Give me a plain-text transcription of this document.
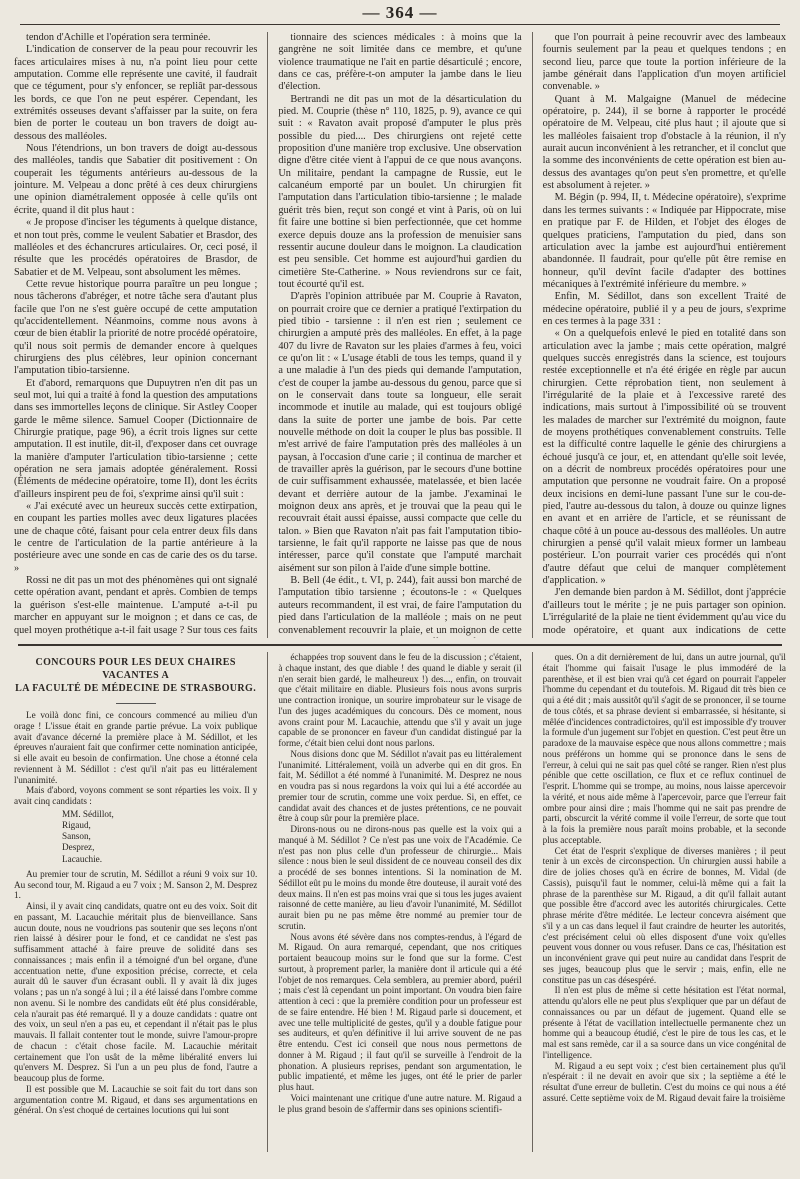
— 364 —

tendon d'Achille et l'opération sera terminée.

L'indication de conserver de la peau pour recouvrir les faces articulaires mises à nu, n'a point lieu pour cette amputation. Comme elle représente une cavité, il faudrait que ce tégument, pour s'y enfoncer, se repliât par-dessous les bords, ce que l'on ne peut espérer. Cependant, les extrémités osseuses devant s'affaisser par la suite, on fera bien de porter le couteau un bon travers de doigt au-dessous des malléoles.

Nous l'étendrions, un bon travers de doigt au-dessous des malléoles, tandis que Sabatier dit positivement : On couperait les téguments antérieurs au-dessous de la jointure. M. Velpeau a donc prêté à ces deux chirurgiens une opinion diamétralement opposée à celle qu'ils ont écrite, quand il dit plus haut :

« Je propose d'inciser les téguments à quelque distance, et non tout près, comme le veulent Sabatier et Brasdor, des malléoles et des échancrures articulaires. Or, ceci posé, il résulte que les procédés opératoires de Brasdor, de Sabatier et de M. Velpeau, sont absolument les mêmes.

Cette revue historique pourra paraître un peu longue ; nous tâcherons d'abréger, et notre tâche sera d'autant plus facile que l'on ne s'est guère occupé de cette amputation qu'accidentellement. Néanmoins, comme nous avons à cœur de bien établir la priorité de notre procédé opératoire, qu'il nous soit permis de demander encore à quelques chirurgiens des plus célèbres, leur opinion concernant l'amputation tibio-tarsienne.

Et d'abord, remarquons que Dupuytren n'en dit pas un seul mot, lui qui a traité à fond la question des amputations dans ses immortelles leçons de clinique. Sir Astley Cooper garde le même silence. Samuel Cooper (Dictionnaire de Chirurgie pratique, page 96), a écrit trois lignes sur cette amputation. Il est inutile, dit-il, d'exposer dans cet ouvrage la manière d'amputer l'articulation tibio-tarsienne ; cette opération ne sera jamais adoptée généralement. Rossi (Éléments de médecine opératoire, tome II), dont les écrits d'ailleurs inspirent peu de foi, s'exprime ainsi qu'il suit :

« J'ai exécuté avec un heureux succès cette extirpation, en coupant les parties molles avec deux ligatures placées une de chaque côté, faisant pour cela entrer deux fils dans le centre de l'articulation de la partie antérieure à la postérieure avec une sonde en cas de carie des os du tarse. »

Rossi ne dit pas un mot des phénomènes qui ont signalé cette opération avant, pendant et après. Combien de temps la guérison s'est-elle maintenue. L'amputé a-t-il pu marcher en appuyant sur le moignon ; et dans ce cas, de quel moyen prothétique a-t-il fait usage ? Sur tous ces faits

tionnaire des sciences médicales : à moins que la gangrène ne soit limitée dans ce membre, et qu'une violence traumatique ne l'ait en partie désarticulé ; encore, dans ce cas, préfère-t-on amputer la jambe dans le lieu d'élection.

Bertrandi ne dit pas un mot de la désarticulation du pied. M. Couprie (thèse n° 110, 1825, p. 9), avance ce qui suit : « Ravaton avait proposé d'amputer le plus près possible du pied.... Des chirurgiens ont rejeté cette proposition d'une manière trop exclusive. Une observation digne d'être citée vient à l'appui de ce que nous avançons. Un militaire, pendant la campagne de Russie, eut le calcanéum emporté par un boulet. Un chirurgien fit l'amputation dans l'articulation tibio-tarsienne ; le malade guérit très bien, reçut son congé et vint à Paris, où on lui fit faire une bottine si bien perfectionnée, que cet homme exerce depuis douze ans la profession de menuisier sans ressentir aucune douleur dans le moignon. La claudication est peu sensible. Cet homme est aujourd'hui gardien du cimetière Ste-Catherine. » Nous reviendrons sur ce fait, tout écourté qu'il est.

D'après l'opinion attribuée par M. Couprie à Ravaton, on pourrait croire que ce dernier a pratiqué l'extirpation du pied tibio - tarsienne : il n'en est rien ; seulement ce chirurgien a amputé près des malléoles. En effet, à la page 407 du livre de Ravaton sur les plaies d'armes à feu, voici ce qu'on lit : « L'usage établi de tous les temps, quand il y a une maladie à l'un des pieds qui demande l'amputation, c'est de couper la jambe au-dessous du genou, parce que si on le conservait dans toute sa longueur, elle serait incommode et inutile au malade, qui est toujours obligé dans la suite de porter une jambe de bois. Par cette nouvelle méthode on doit la couper le plus bas possible. Il m'est arrivé de faire l'amputation près des malléoles à un paysan, à l'occasion d'une carie ; il continua de marcher et de travailler après la guérison, par le secours d'une bottine de cuir suffisamment exhaussée, matelassée, et bien lacée devant et derrière autour de la jambe. J'examinai le moignon deux ans après, et je trouvai que la peau qui le recouvrait était aussi épaisse, aussi compacte que celle du talon. » Bien que Ravaton n'ait pas fait l'amputation tibio-tarsienne, le fait qu'il rapporte ne laisse pas que de nous intéresser, parce qu'il constate que l'amputé marchait aisément sur son pilon à l'aide d'une simple bottine.

B. Bell (4e édit., t. VI, p. 244), fait aussi bon marché de l'amputation tibio tarsienne ; écoutons-le : « Quelques auteurs recommandent, il est vrai, de faire l'amputation du pied dans l'articulation de la malléole ; mais on ne peut convenablement recouvrir la plaie, et un moignon de cette

que l'on pourrait à peine recouvrir avec des lambeaux fournis seulement par la peau et quelques tendons ; en second lieu, parce que toute la portion inférieure de la jambe générait dans l'application d'un moyen artificiel convenable. »

Quant à M. Malgaigne (Manuel de médecine opératoire, p. 244), il se borne à rapporter le procédé opératoire de M. Velpeau, cité plus haut ; il ajoute que si les malléoles faisaient trop d'obstacle à la réunion, il n'y aurait aucun inconvénient à les retrancher, et il conclut que la somme des inconvénients de cette opération est bien au-dessus des avantages qu'on peut s'en promettre, et qu'elle est absolument à rejeter. »

M. Bégin (p. 994, II, t. Médecine opératoire), s'exprime dans les termes suivants : « Indiquée par Hippocrate, mise en pratique par F. de Hilden, et l'objet des éloges de quelques praticiens, l'amputation du pied, dans son articulation avec la jambe est aujourd'hui entièrement abandonnée. Il faudrait, pour qu'elle pût être remise en honneur, qu'il devînt facile d'adapter des bottines mécaniques à l'extrémité inférieure du membre. »

Enfin, M. Sédillot, dans son excellent Traité de médecine opératoire, publié il y a peu de jours, s'exprime en ces termes à la page 331 :

« On a quelquefois enlevé le pied en totalité dans son articulation avec la jambe ; mais cette opération, malgré quelques succès enregistrés dans la science, est toujours restée exceptionnelle et n'a été érigée en règle par aucun chirurgien. Cette réprobation tient, non seulement à l'irrégularité de la plaie et à l'excessive rareté des indications, mais surtout à l'impossibilité où se trouvent les malades de marcher sur l'extrémité du moignon, faute de moyens prothétiques convenablement construits. Telle est la difficulté contre laquelle le génie des chirurgiens a échoué jusqu'à ce jour, et, en attendant qu'elle soit levée, on a décrit de nombreux procédés opératoires pour une amputation que personne ne voudrait faire. On a proposé deux incisions en demi-lune passant l'une sur le cou-de-pied, l'autre au-dessous du talon, à douze ou quinze lignes en avant et en arrière de l'article, et se réunissant de chaque côté à un pouce au-dessous des malléoles. Un autre chirurgien a pensé qu'il valait mieux former un lambeau postérieur. L'on pourrait varier ces procédés qui n'ont d'autre défaut que celui de manquer complètement d'application. »

J'en demande bien pardon à M. Sédillot, dont j'apprécie d'ailleurs tout le mérite ; je ne puis partager son opinion. L'irrégularité de la plaie ne tient évidemment qu'au vice du mode opératoire, et quant aux indications de cette

CONCOURS POUR LES DEUX CHAIRES VACANTES A
LA FACULTÉ DE MÉDECINE DE STRASBOURG.

Le voilà donc fini, ce concours commencé au milieu d'un orage ! L'issue était en grande partie prévue. La voix publique avait d'avance décerné la première place à M. Sédillot, et les épreuves n'auraient fait que confirmer cette nomination anticipée, si elle avait eu besoin de confirmation. Une chose a étonné cela reviennent à M. Sédillot : c'est qu'il n'ait pas eu littéralement l'unanimité.

Mais d'abord, voyons comment se sont réparties les voix. Il y avait cinq candidats :

MM. Sédillot,
Rigaud,
Sanson,
Desprez,
Lacauchie.

Au premier tour de scrutin, M. Sédillot a réuni 9 voix sur 10. Au second tour, M. Rigaud a eu 7 voix ; M. Sanson 2, M. Desprez 1.

Ainsi, il y avait cinq candidats, quatre ont eu des voix. Soit dit en passant, M. Lacauchie méritait plus de bienveillance. Sans aucun doute, nous ne voudrions pas soutenir que ses leçons n'ont rien laissé à désirer pour le fond, et ce candidat ne s'est pas suffisamment attaché à faire preuve de solidité dans ses connaissances ; mais enfin il a témoigné d'un bel organe, d'une accentuation nette, d'une exposition précise, correcte, et cela aurait dû le sauver d'un écrasant oubli. Il y avait là dix juges volans ; pas un n'a songé à lui ; il a été laissé dans l'ombre comme non avenu. Si le nombre des candidats eût été plus considérable, cela n'aurait pas été remarqué. Il y a douze candidats : quatre ont des voix, un seul n'en a pas eu, et cependant il n'était pas le plus mauvais. Il fallait contenter tout le monde, suivre l'amour-propre de chacun : c'était chose facile. M. Lacauchie méritait certainement que l'on usât de la même libéralité envers lui qu'envers M. Desprez. Si l'un a un peu plus de fond, l'autre a beaucoup plus de forme.

Il est possible que M. Lacauchie se soit fait du tort dans son argumentation contre M. Rigaud, et dans ses argumentations en général. On s'est choqué de certaines locutions qui lui sont

échappées trop souvent dans le feu de la discussion ; c'étaient, à chaque instant, des que diable ! des quand le diable y serait (il n'en serait bien gardé, le malheureux !) des..., enfin, on trouvait que c'était militaire en diable. Plusieurs fois nous avons surpris une contraction ironique, un sourire improbateur sur le visage de l'un des juges académiques du concours. Dès ce moment, nous avons craint pour M. Lacauchie, attendu que s'il y avait un juge capable de se prononcer en faveur d'un candidat distingué par la forme, c'était bien celui dont nous parlons.

Nous disions donc que M. Sédillot n'avait pas eu littéralement l'unanimité. Littéralement, voilà un adverbe qui en dit gros. En fait, M. Sédillot a été nommé à l'unanimité. M. Desprez ne nous en voudra pas si nous regardons la voix qui lui a été accordée au premier tour de scrutin, comme une voix perdue. Si, en effet, ce candidat avait des chances et de justes prétentions, ce ne pouvait être à coup sûr pour la première place.

Dirons-nous ou ne dirons-nous pas quelle est la voix qui a manqué à M. Sédillot ? Ce n'est pas une voix de l'Académie. Ce n'est pas non plus celle d'un professeur de chirurgie... Mais silence : nous bien le seul dissident de ce nouveau conseil des dix a procédé de ses bonnes intentions. Si la nomination de M. Sédillot eût pu le moins du monde être douteuse, il aurait voté des deux mains. Il n'en est pas moins vrai que si tous les juges avaient raisonné de cette manière, au lieu d'avoir l'unanimité, M. Sédillot aurait bien pu ne pas même être nommé au premier tour de scrutin.

Nous avons été sévère dans nos comptes-rendus, à l'égard de M. Rigaud. On aura remarqué, cependant, que nos critiques portaient beaucoup moins sur le fond que sur la forme. C'est surtout, à proprement parler, la manière dont il articule qui a été l'objet de nos remarques. Cela semblera, au premier abord, puéril ; mais c'est là cependant un point important. On voudra bien faire attention à ceci : que la première condition pour un professeur est de se faire entendre. Hé bien ! M. Rigaud parle si doucement, et avec une telle multiplicité de gestes, qu'il y a double fatigue pour ses auditeurs, et qu'en définitive il lui arrive souvent de ne pas être entendu. C'est ici conseil que nous nous permettons de donner à M. Rigaud ; il faut qu'il se surveille à l'endroit de la phonation. A plusieurs reprises, pendant son argumentation, le public impatienté, et même les juges, ont été le prier de parler plus haut.

Voici maintenant une critique d'une autre nature. M. Rigaud a le plus grand besoin de s'affermir dans ses opinions scientifi-

ques. On a dit dernièrement de lui, dans un autre journal, qu'il était l'homme qui faisait l'usage le plus immodéré de la parenthèse, et il est bien vrai qu'à cet égard on pourrait l'appeler l'homme du cependant et du toutefois. M. Rigaud dit très bien ce qui a été dit ; mais aussitôt qu'il s'agit de se prononcer, il se tourne de tous côtés, et sa phrase devient si embarrassée, si hésitante, si mêlée d'incidences contradictoires, qu'il est impossible d'y trouver la formule d'un jugement sur l'objet en question. C'est peut être un paradoxe de la mauvaise espèce que nous allons commettre ; mais nous préférons un homme qui se prononce dans le sens de l'erreur, à celui qui ne sait pas quel côté se ranger. Rien n'est plus pénible que cette oscillation, ce flux et ce reflux continuel de l'esprit. L'homme qui se trompe, au moins, nous laisse apercevoir la vérité, et nous aide même à l'apercevoir, parce que l'erreur fait ombre pour ainsi dire ; mais l'homme qui ne sait pas prendre de parti, obscurcit la vérité comme il voile l'erreur, de sorte que tout à la fois la première nous paraît moins probable, et la seconde plus acceptable.

Cet état de l'esprit s'explique de diverses manières ; il peut tenir à un excès de circonspection. Un chirurgien aussi habile a dire de jolies choses qu'à en écrire de bonnes, M. Vidal (de Cassis), puisqu'il faut le nommer, celui-là même qui a fait la phrase de la parenthèse sur M. Rigaud, a dit qu'il fallait autant que possible être d'accord avec les autorités chirurgicales. Cette phrase mérite d'être méditée. Le lecteur concevra aisément que s'il y a un cas dans lequel il faut craindre de heurter les autorités, c'est précisément celui où elles disposent d'une voix qu'elles peuvent vous donner ou vous refuser. Dans ce cas, l'hésitation est un inconvénient grave qui peut nuire au candidat dans l'esprit de ses juges, beaucoup plus que le servir ; mais, enfin, elle ne constitue pas un cas désespéré.

Il n'en est plus de même si cette hésitation est l'état normal, attendu qu'alors elle ne peut plus s'expliquer que par un défaut de connaissances ou par un défaut de jugement. Quand elle se présente à l'état de vacillation intellectuelle permanente chez un homme qui a beaucoup étudié, c'est le pire de tous les cas, et le mal est sans remède, car il a sa source dans un vice congénital de l'intelligence.

M. Rigaud a eu sept voix ; c'est bien certainement plus qu'il n'espérait : il ne devait en avoir que six ; la septième a été le résultat d'une erreur de bulletin. C'est du moins ce qui nous a été assuré. Cette septième voix de M. Rigaud devait faire la troisième
